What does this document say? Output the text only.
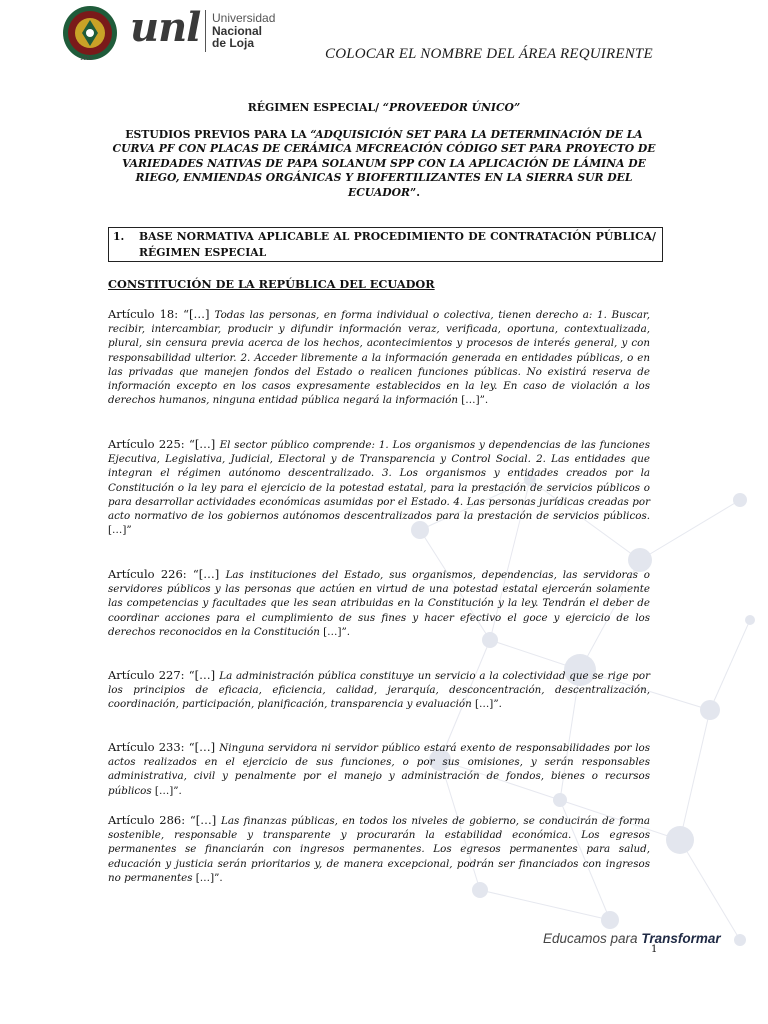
1859
unl Universidad
Nacional
de Loja
COLOCAR EL NOMBRE DEL ÁREA REQUIRENTE
RÉGIMEN ESPECIAL/ “PROVEEDOR ÚNICO”
ESTUDIOS PREVIOS PARA LA “ADQUISICIÓN SET PARA LA DETERMINACIÓN DE LA CURVA PF CON PLACAS DE CERÁMICA MFCREACIÓN CÓDIGO SET PARA PROYECTO DE VARIEDADES NATIVAS DE PAPA SOLANUM SPP CON LA APLICACIÓN DE LÁMINA DE RIEGO, ENMIENDAS ORGÁNICAS Y BIOFERTILIZANTES EN LA SIERRA SUR DEL ECUADOR”.
1. BASE NORMATIVA APLICABLE AL PROCEDIMIENTO DE CONTRATACIÓN PÚBLICA/ RÉGIMEN ESPECIAL
CONSTITUCIÓN DE LA REPÚBLICA DEL ECUADOR
Artículo 18: “[…] Todas las personas, en forma individual o colectiva, tienen derecho a: 1. Buscar, recibir, intercambiar, producir y difundir información veraz, verificada, oportuna, contextualizada, plural, sin censura previa acerca de los hechos, acontecimientos y procesos de interés general, y con responsabilidad ulterior. 2. Acceder libremente a la información generada en entidades públicas, o en las privadas que manejen fondos del Estado o realicen funciones públicas. No existirá reserva de información excepto en los casos expresamente establecidos en la ley. En caso de violación a los derechos humanos, ninguna entidad pública negará la información […]”.
Artículo 225: “[…] El sector público comprende: 1. Los organismos y dependencias de las funciones Ejecutiva, Legislativa, Judicial, Electoral y de Transparencia y Control Social. 2. Las entidades que integran el régimen autónomo descentralizado. 3. Los organismos y entidades creados por la Constitución o la ley para el ejercicio de la potestad estatal, para la prestación de servicios públicos o para desarrollar actividades económicas asumidas por el Estado. 4. Las personas jurídicas creadas por acto normativo de los gobiernos autónomos descentralizados para la prestación de servicios públicos. […]”
Artículo 226: “[…] Las instituciones del Estado, sus organismos, dependencias, las servidoras o servidores públicos y las personas que actúen en virtud de una potestad estatal ejercerán solamente las competencias y facultades que les sean atribuidas en la Constitución y la ley. Tendrán el deber de coordinar acciones para el cumplimiento de sus fines y hacer efectivo el goce y ejercicio de los derechos reconocidos en la Constitución […]”.
Artículo 227: “[…] La administración pública constituye un servicio a la colectividad que se rige por los principios de eficacia, eficiencia, calidad, jerarquía, desconcentración, descentralización, coordinación, participación, planificación, transparencia y evaluación […]”.
Artículo 233: “[…] Ninguna servidora ni servidor público estará exento de responsabilidades por los actos realizados en el ejercicio de sus funciones, o por sus omisiones, y serán responsables administrativa, civil y penalmente por el manejo y administración de fondos, bienes o recursos públicos […]”.
Artículo 286: “[…] Las finanzas públicas, en todos los niveles de gobierno, se conducirán de forma sostenible, responsable y transparente y procurarán la estabilidad económica. Los egresos permanentes se financiarán con ingresos permanentes. Los egresos permanentes para salud, educación y justicia serán prioritarios y, de manera excepcional, podrán ser financiados con ingresos no permanentes […]”.
Educamos para Transformar
1
